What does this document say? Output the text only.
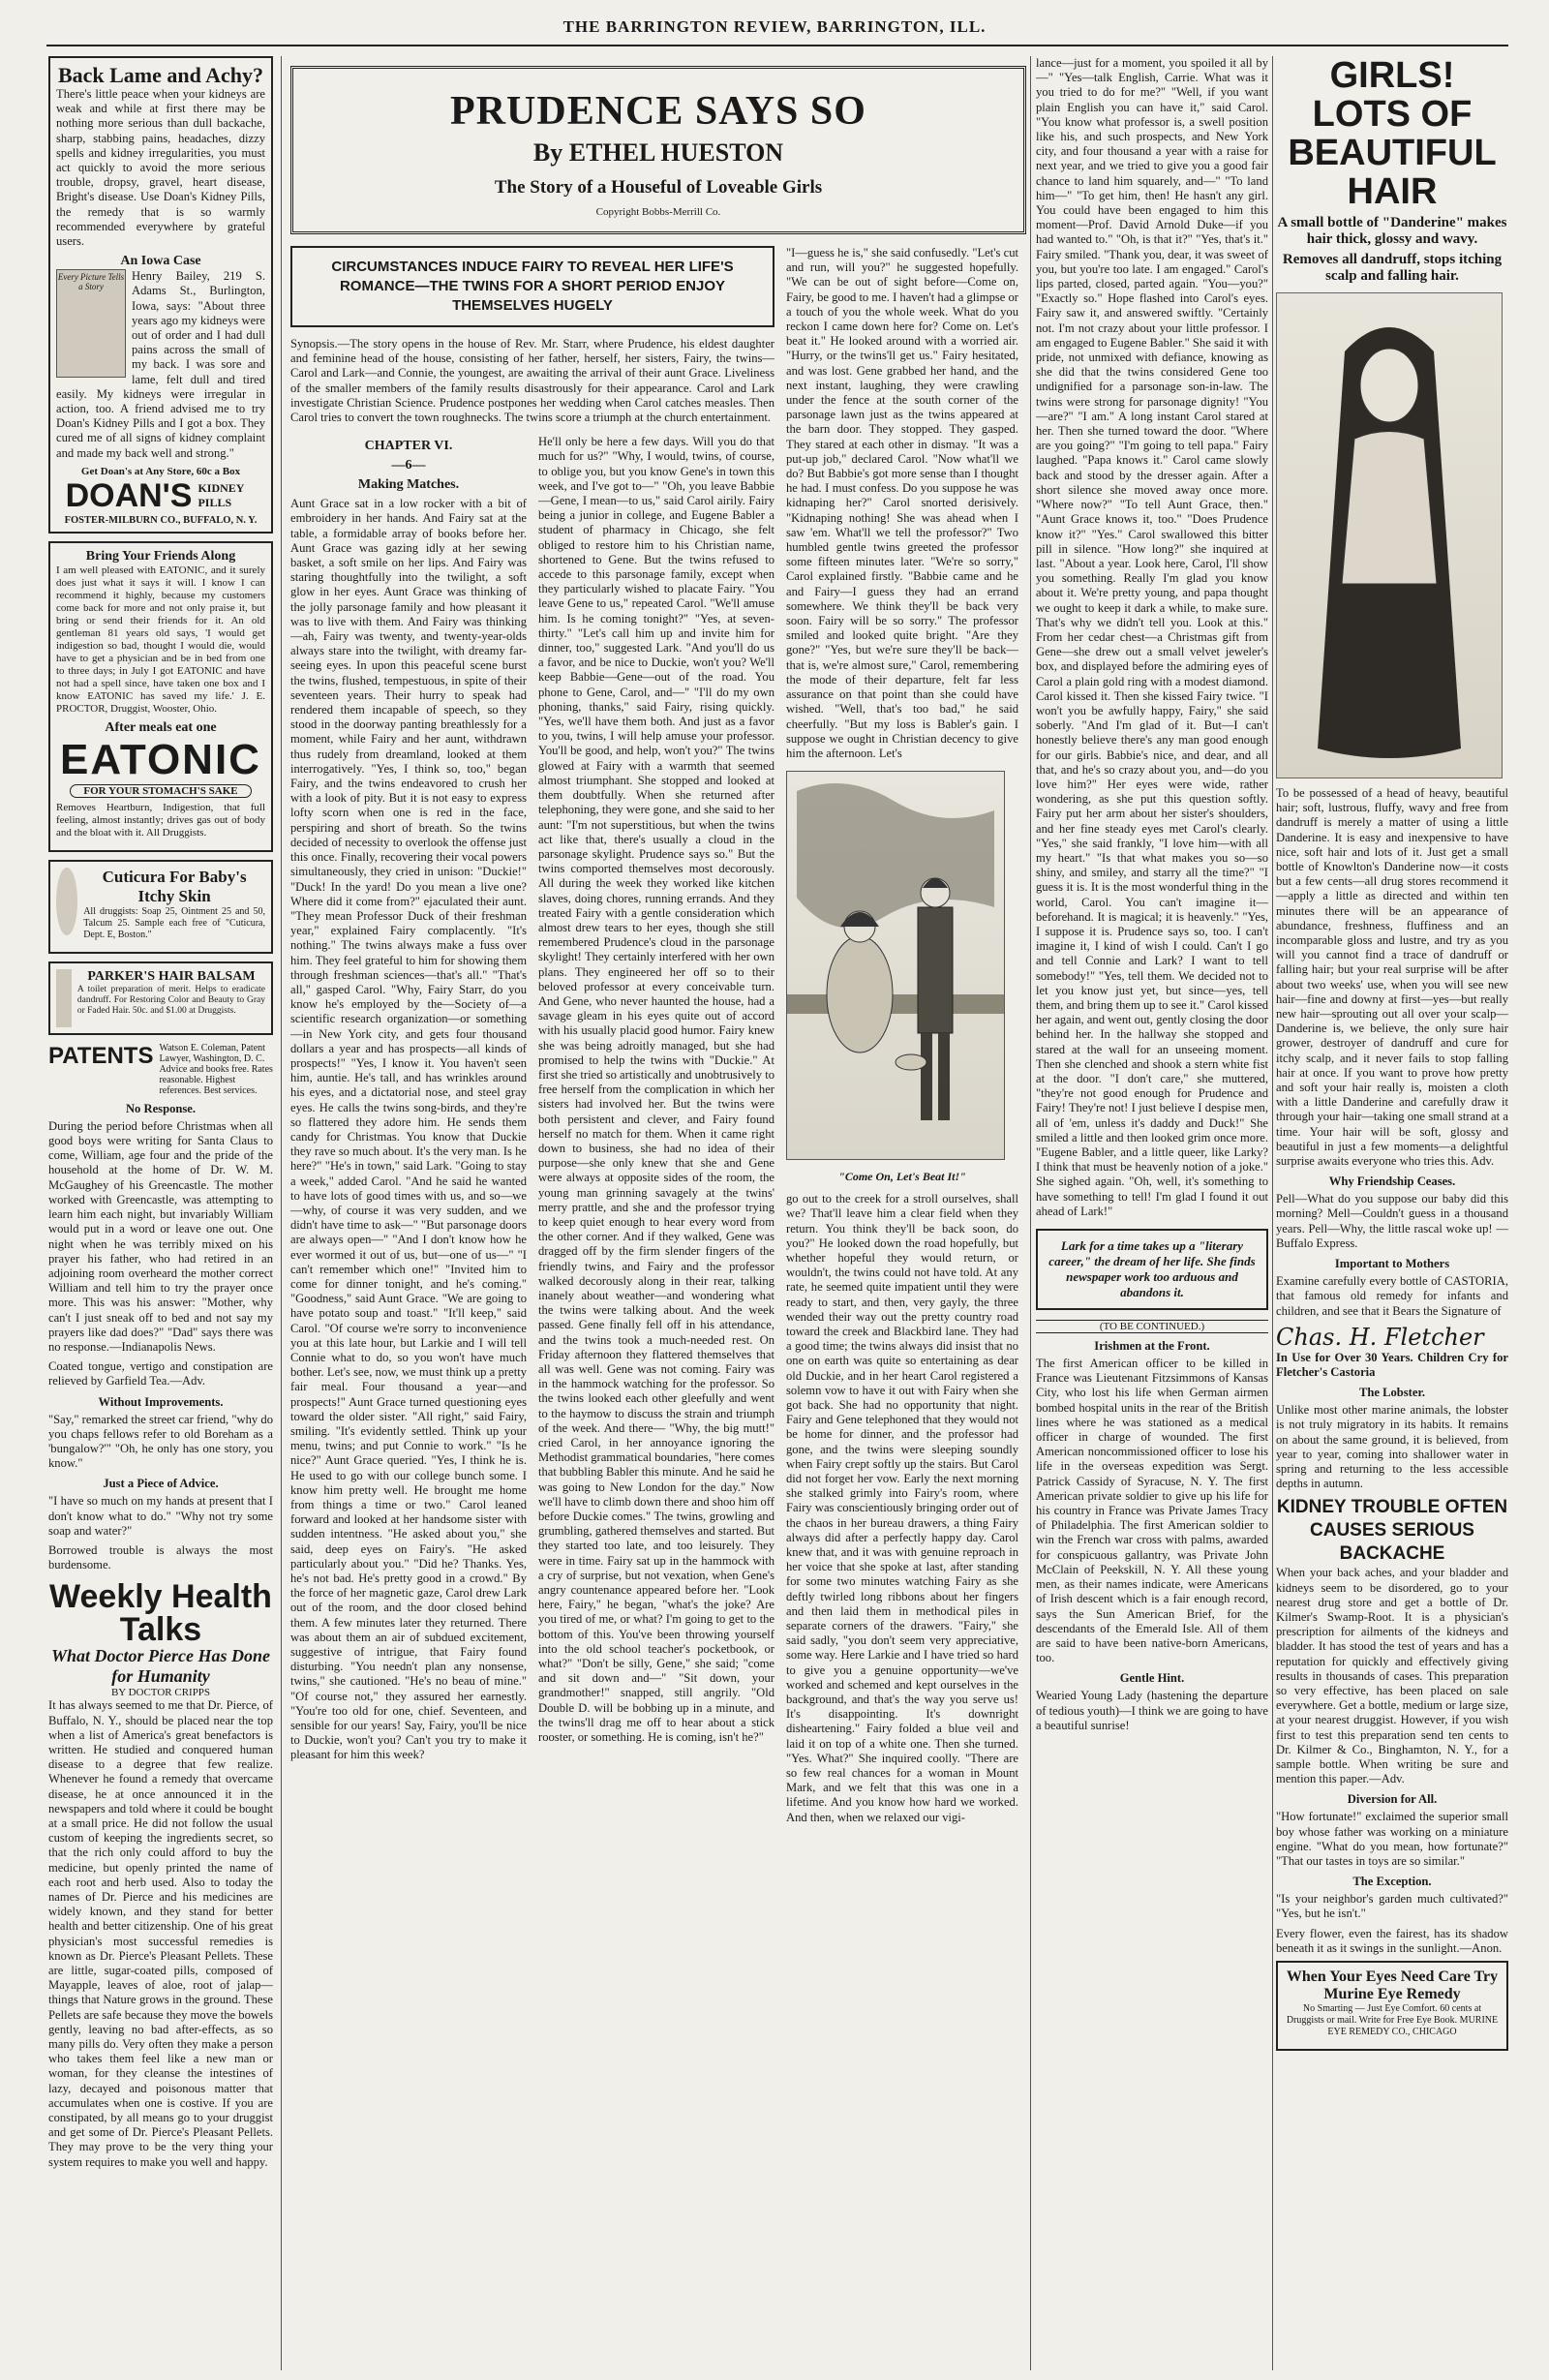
THE BARRINGTON REVIEW, BARRINGTON, ILL.
Back Lame and Achy?

There's little peace when your kidneys are weak and while at first there may be nothing more serious than dull backache, sharp, stabbing pains, headaches, dizzy spells and kidney irregularities, you must act quickly to avoid the more serious trouble, dropsy, gravel, heart disease, Bright's disease. Use Doan's Kidney Pills, the remedy that is so warmly recommended everywhere by grateful users.

An Iowa Case
Every Picture Tells a Story

Henry Bailey, 219 S. Adams St., Burlington, Iowa, says: "About three years ago my kidneys were out of order and I had dull pains across the small of my back. I was sore and lame, felt dull and tired easily. My kidneys were irregular in action, too. A friend advised me to try Doan's Kidney Pills and I got a box. They cured me of all signs of kidney complaint and made my back well and strong."

Get Doan's at Any Store, 60c a Box
DOAN'S KIDNEY PILLS
FOSTER-MILBURN CO., BUFFALO, N. Y.
Bring Your Friends Along

I am well pleased with EATONIC, and it surely does just what it says it will. I know I can recommend it highly, because my customers come back for more and not only praise it, but bring or send their friends for it. An old gentleman 81 years old says, 'I would get indigestion so bad, thought I would die, would have to get a physician and be in bed from one to three days; in July I got EATONIC and have not had a spell since, have taken one box and I know EATONIC has saved my life.' J. E. PROCTOR, Druggist, Wooster, Ohio.

After meals eat one
EATONIC
FOR YOUR STOMACH'S SAKE

Removes Heartburn, Indigestion, that full feeling, almost instantly; drives gas out of body and the bloat with it. All Druggists.

Cuticura For Baby's Itchy Skin

All druggists: Soap 25, Ointment 25 and 50, Talcum 25. Sample each free of "Cuticura, Dept. E, Boston."

PARKER'S HAIR BALSAM

A toilet preparation of merit. Helps to eradicate dandruff. For Restoring Color and Beauty to Gray or Faded Hair. 50c. and $1.00 at Druggists.

PATENTS Watson E. Coleman, Patent Lawyer, Washington, D. C. Advice and books free. Rates reasonable. Highest references. Best services.
No Response.

During the period before Christmas when all good boys were writing for Santa Claus to come, William, age four and the pride of the household at the home of Dr. W. M. McGaughey of his Greencastle. The mother worked with Greencastle, was attempting to learn him each night, but invariably William would put in a word or leave one out. One night when he was terribly mixed on his prayer his father, who had retired in an adjoining room overheard the mother correct William and tell him to try the prayer once more. This was his answer: "Mother, why can't I just sneak off to bed and not say my prayers like dad does?" "Dad" says there was no response.—Indianapolis News.

Coated tongue, vertigo and constipation are relieved by Garfield Tea.—Adv.

Without Improvements.

"Say," remarked the street car friend, "why do you chaps fellows refer to old Boreham as a 'bungalow?'" "Oh, he only has one story, you know."

Just a Piece of Advice.

"I have so much on my hands at present that I don't know what to do." "Why not try some soap and water?"

Borrowed trouble is always the most burdensome.

Weekly Health Talks
What Doctor Pierce Has Done for Humanity
BY DOCTOR CRIPPS

It has always seemed to me that Dr. Pierce, of Buffalo, N. Y., should be placed near the top when a list of America's great benefactors is written. He studied and conquered human disease to a degree that few realize. Whenever he found a remedy that overcame disease, he at once announced it in the newspapers and told where it could be bought at a small price. He did not follow the usual custom of keeping the ingredients secret, so that the rich only could afford to buy the medicine, but openly printed the name of each root and herb used. Also to today the names of Dr. Pierce and his medicines are widely known, and they stand for better health and better citizenship. One of his great physician's most successful remedies is known as Dr. Pierce's Pleasant Pellets. These are little, sugar-coated pills, composed of Mayapple, leaves of aloe, root of jalap—things that Nature grows in the ground. These Pellets are safe because they move the bowels gently, leaving no bad after-effects, as so many pills do. Very often they make a person who takes them feel like a new man or woman, for they cleanse the intestines of lazy, decayed and poisonous matter that accumulates when one is costive. If you are constipated, by all means go to your druggist and get some of Dr. Pierce's Pleasant Pellets. They may prove to be the very thing your system requires to make you well and happy.

PRUDENCE SAYS SO
By ETHEL HUESTON
The Story of a Houseful of Loveable Girls
Copyright Bobbs-Merrill Co.
CIRCUMSTANCES INDUCE FAIRY TO REVEAL HER LIFE'S ROMANCE—THE TWINS FOR A SHORT PERIOD ENJOY THEMSELVES HUGELY
Synopsis.—The story opens in the house of Rev. Mr. Starr, where Prudence, his eldest daughter and feminine head of the house, consisting of her father, herself, her sisters, Fairy, the twins—Carol and Lark—and Connie, the youngest, are awaiting the arrival of their aunt Grace. Liveliness of the smaller members of the family results disastrously for their appearance. Carol and Lark investigate Christian Science. Prudence postpones her wedding when Carol catches measles. Then Carol tries to convert the town roughnecks. The twins score a triumph at the church entertainment.
CHAPTER VI.
—6—
Making Matches.

Aunt Grace sat in a low rocker with a bit of embroidery in her hands. And Fairy sat at the table, a formidable array of books before her. Aunt Grace was gazing idly at her sewing basket, a soft smile on her lips. And Fairy was staring thoughtfully into the twilight, a soft glow in her eyes. Aunt Grace was thinking of the jolly parsonage family and how pleasant it was to live with them. And Fairy was thinking—ah, Fairy was twenty, and twenty-year-olds always stare into the twilight, with dreamy far-seeing eyes. In upon this peaceful scene burst the twins, flushed, tempestuous, in spite of their seventeen years. Their hurry to speak had rendered them incapable of speech, so they stood in the doorway panting breathlessly for a moment, while Fairy and her aunt, withdrawn thus rudely from dreamland, looked at them interrogatively. "Yes, I think so, too," began Fairy, and the twins endeavored to crush her with a look of pity. But it is not easy to express lofty scorn when one is red in the face, perspiring and short of breath. So the twins decided of necessity to overlook the offense just this once. Finally, recovering their vocal powers simultaneously, they cried in unison: "Duckie!" "Duck! In the yard! Do you mean a live one? Where did it come from?" ejaculated their aunt. "They mean Professor Duck of their freshman year," explained Fairy complacently. "It's nothing." The twins always make a fuss over him. They feel grateful to him for showing them through freshman sciences—that's all." "That's all," gasped Carol. "Why, Fairy Starr, do you know he's employed by the—Society of—a scientific research organization—or something—in New York city, and gets four thousand dollars a year and has prospects—all kinds of prospects!" "Yes, I know it. You haven't seen him, auntie. He's tall, and has wrinkles around his eyes, and a dictatorial nose, and steel gray eyes. He calls the twins song-birds, and they're so flattered they adore him. He sends them candy for Christmas. You know that Duckie they rave so much about. It's the very man. Is he here?" "He's in town," said Lark. "Going to stay a week," added Carol. "And he said he wanted to have lots of good times with us, and so—we—why, of course it was very sudden, and we didn't have time to ask—" "But parsonage doors are always open—" "And I don't know how he ever wormed it out of us, but—one of us—" "I can't remember which one!" "Invited him to come for dinner tonight, and he's coming." "Goodness," said Aunt Grace. "We are going to have potato soup and toast." "It'll keep," said Carol. "Of course we're sorry to inconvenience you at this late hour, but Larkie and I will tell Connie what to do, so you won't have much bother. Let's see, now, we must think up a pretty fair meal. Four thousand a year—and prospects!" Aunt Grace turned questioning eyes toward the older sister. "All right," said Fairy, smiling. "It's evidently settled. Think up your menu, twins; and put Connie to work." "Is he nice?" Aunt Grace queried. "Yes, I think he is. He used to go with our college bunch some. I know him pretty well. He brought me home from things a time or two." Carol leaned forward and looked at her handsome sister with sudden intentness. "He asked about you," she said, deep eyes on Fairy's. "He asked particularly about you." "Did he? Thanks. Yes, he's not bad. He's pretty good in a crowd." By the force of her magnetic gaze, Carol drew Lark out of the room, and the door closed behind them. A few minutes later they returned. There was about them an air of subdued excitement, suggestive of intrigue, that Fairy found disturbing. "You needn't plan any nonsense, twins," she cautioned. "He's no beau of mine." "Of course not," they assured her earnestly. "You're too old for one, chief. Seventeen, and sensible for our years! Say, Fairy, you'll be nice to Duckie, won't you? Can't you try to make it pleasant for him this week?

He'll only be here a few days. Will you do that much for us?" "Why, I would, twins, of course, to oblige you, but you know Gene's in town this week, and I've got to—" "Oh, you leave Babbie—Gene, I mean—to us," said Carol airily. Fairy being a junior in college, and Eugene Babler a student of pharmacy in Chicago, she felt obliged to restore him to his Christian name, shortened to Gene. But the twins refused to accede to this parsonage family, except when they particularly wished to placate Fairy. "You leave Gene to us," repeated Carol. "We'll amuse him. Is he coming tonight?" "Yes, at seven-thirty." "Let's call him up and invite him for dinner, too," suggested Lark. "And you'll do us a favor, and be nice to Duckie, won't you? We'll keep Babbie—Gene—out of the road. You phone to Gene, Carol, and—" "I'll do my own phoning, thanks," said Fairy, rising quickly. "Yes, we'll have them both. And just as a favor to you, twins, I will help amuse your professor. You'll be good, and help, won't you?" The twins glowed at Fairy with a warmth that seemed almost triumphant. She stopped and looked at them doubtfully. When she returned after telephoning, they were gone, and she said to her aunt: "I'm not superstitious, but when the twins act like that, there's usually a cloud in the parsonage skylight. Prudence says so." But the twins comported themselves most decorously. All during the week they worked like kitchen slaves, doing chores, running errands. And they treated Fairy with a gentle consideration which almost drew tears to her eyes, though she still remembered Prudence's cloud in the parsonage skylight! They certainly interfered with her own plans. They engineered her off so to their beloved professor at every conceivable turn. And Gene, who never haunted the house, had a savage gleam in his eyes quite out of accord with his usually placid good humor. Fairy knew she was being adroitly managed, but she had promised to help the twins with "Duckie." At first she tried so artistically and unobtrusively to free herself from the complication in which her sisters had involved her. But the twins were both persistent and clever, and Fairy found herself no match for them. When it came right down to business, she had no idea of their purpose—she only knew that she and Gene were always at opposite sides of the room, the young man grinning savagely at the twins' merry prattle, and she and the professor trying to keep quiet enough to hear every word from the other corner. And if they walked, Gene was dragged off by the firm slender fingers of the friendly twins, and Fairy and the professor walked decorously along in their rear, talking inanely about weather—and wondering what the twins were talking about. And the week passed. Gene finally fell off in his attendance, and the twins took a much-needed rest. On Friday afternoon they flattered themselves that all was well. Gene was not coming. Fairy was in the hammock watching for the professor. So the twins looked each other gleefully and went to the haymow to discuss the strain and triumph of the week. And there— "Why, the big mutt!" cried Carol, in her annoyance ignoring the Methodist grammatical boundaries, "here comes that bubbling Babler this minute. And he said he was going to New London for the day." Now we'll have to climb down there and shoo him off before Duckie comes." The twins, growling and grumbling, gathered themselves and started. But they started too late, and too leisurely. They were in time. Fairy sat up in the hammock with a cry of surprise, but not vexation, when Gene's angry countenance appeared before her. "Look here, Fairy," he began, "what's the joke? Are you tired of me, or what? I'm going to get to the bottom of this. You've been throwing yourself into the old school teacher's pocketbook, or what?" "Don't be silly, Gene," she said; "come and sit down and—" "Sit down, your grandmother!" snapped, still angrily. "Old Double D. will be bobbing up in a minute, and the twins'll drag me off to hear about a stick rooster, or something. He is coming, isn't he?"

"I—guess he is," she said confusedly. "Let's cut and run, will you?" he suggested hopefully. "We can be out of sight before—Come on, Fairy, be good to me. I haven't had a glimpse or a touch of you the whole week. What do you reckon I came down here for? Come on. Let's beat it." He looked around with a worried air. "Hurry, or the twins'll get us." Fairy hesitated, and was lost. Gene grabbed her hand, and the next instant, laughing, they were crawling under the fence at the south corner of the parsonage lawn just as the twins appeared at the barn door. They stopped. They gasped. They stared at each other in dismay. "It was a put-up job," declared Carol. "Now what'll we do? But Babbie's got more sense than I thought he had. I must confess. Do you suppose he was kidnaping her?" Carol snorted derisively. "Kidnaping nothing! She was ahead when I saw 'em. What'll we tell the professor?" Two humbled gentle twins greeted the professor some fifteen minutes later. "We're so sorry," Carol explained firstly. "Babbie came and he and Fairy—I guess they had an errand somewhere. We think they'll be back very soon. Fairy will be so sorry." The professor smiled and looked quite bright. "Are they gone?" "Yes, but we're sure they'll be back—that is, we're almost sure," Carol, remembering the mode of their departure, felt far less assurance on that point than she could have wished. "Well, that's too bad," he said cheerfully. "But my loss is Babler's gain. I suppose we ought in Christian decency to give him the afternoon. Let's

"Come On, Let's Beat It!"

go out to the creek for a stroll ourselves, shall we? That'll leave him a clear field when they return. You think they'll be back soon, do you?" He looked down the road hopefully, but whether hopeful they would return, or wouldn't, the twins could not have told. At any rate, he seemed quite impatient until they were ready to start, and then, very gayly, the three wended their way out the pretty country road toward the creek and Blackbird lane. They had a good time; the twins always did insist that no one on earth was quite so entertaining as dear old Duckie, and in her heart Carol registered a solemn vow to have it out with Fairy when she got back. She had no opportunity that night. Fairy and Gene telephoned that they would not be home for dinner, and the professor had gone, and the twins were sleeping soundly when Fairy crept softly up the stairs. But Carol did not forget her vow. Early the next morning she stalked grimly into Fairy's room, where Fairy was conscientiously bringing order out of the chaos in her bureau drawers, a thing Fairy always did after a perfectly happy day. Carol knew that, and it was with genuine reproach in her voice that she spoke at last, after standing for some two minutes watching Fairy as she deftly twirled long ribbons about her fingers and then laid them in methodical piles in separate corners of the drawers. "Fairy," she said sadly, "you don't seem very appreciative, some way. Here Larkie and I have tried so hard to give you a genuine opportunity—we've worked and schemed and kept ourselves in the background, and that's the way you serve us! It's disappointing. It's downright disheartening." Fairy folded a blue veil and laid it on top of a white one. Then she turned. "Yes. What?" She inquired coolly. "There are so few real chances for a woman in Mount Mark, and we felt that this was one in a lifetime. And you know how hard we worked. And then, when we relaxed our vigi-

lance—just for a moment, you spoiled it all by—" "Yes—talk English, Carrie. What was it you tried to do for me?" "Well, if you want plain English you can have it," said Carol. "You know what professor is, a swell position like his, and such prospects, and New York city, and four thousand a year with a raise for next year, and we tried to give you a good fair chance to land him squarely, and—" "To land him—" "To get him, then! He hasn't any girl. You could have been engaged to him this moment—Prof. David Arnold Duke—if you had wanted to." "Oh, is that it?" "Yes, that's it." Fairy smiled. "Thank you, dear, it was sweet of you, but you're too late. I am engaged." Carol's lips parted, closed, parted again. "You—you?" "Exactly so." Hope flashed into Carol's eyes. Fairy saw it, and answered swiftly. "Certainly not. I'm not crazy about your little professor. I am engaged to Eugene Babler." She said it with pride, not unmixed with defiance, knowing as she did that the twins considered Gene too undignified for a parsonage son-in-law. The twins were strong for parsonage dignity! "You—are?" "I am." A long instant Carol stared at her. Then she turned toward the door. "Where are you going?" "I'm going to tell papa." Fairy laughed. "Papa knows it." Carol came slowly back and stood by the dresser again. After a short silence she moved away once more. "Where now?" "To tell Aunt Grace, then." "Aunt Grace knows it, too." "Does Prudence know it?" "Yes." Carol swallowed this bitter pill in silence. "How long?" she inquired at last. "About a year. Look here, Carol, I'll show you something. Really I'm glad you know about it. We're pretty young, and papa thought we ought to keep it dark a while, to make sure. That's why we didn't tell you. Look at this." From her cedar chest—a Christmas gift from Gene—she drew out a small velvet jeweler's box, and displayed before the admiring eyes of Carol a plain gold ring with a modest diamond. Carol kissed it. Then she kissed Fairy twice. "I won't you be awfully happy, Fairy," she said soberly. "And I'm glad of it. But—I can't honestly believe there's any man good enough for our girls. Babbie's nice, and dear, and all that, and he's so crazy about you, and—do you love him?" Her eyes were wide, rather wondering, as she put this question softly. Fairy put her arm about her sister's shoulders, and her fine steady eyes met Carol's clearly. "Yes," she said frankly, "I love him—with all my heart." "Is that what makes you so—so shiny, and smiley, and starry all the time?" "I guess it is. It is the most wonderful thing in the world, Carol. You can't imagine it—beforehand. It is magical; it is heavenly." "Yes, I suppose it is. Prudence says so, too. I can't imagine it, I kind of wish I could. Can't I go and tell Connie and Lark? I want to tell somebody!" "Yes, tell them. We decided not to let you know just yet, but since—yes, tell them, and bring them up to see it." Carol kissed her again, and went out, gently closing the door behind her. In the hallway she stopped and stared at the wall for an unseeing moment. Then she clenched and shook a stern white fist at the door. "I don't care," she muttered, "they're not good enough for Prudence and Fairy! They're not! I just believe I despise men, all of 'em, unless it's daddy and Duck!" She smiled a little and then looked grim once more. "Eugene Babler, and a little queer, like Larky? I think that must be heavenly notion of a joke." She sighed again. "Oh, well, it's something to have something to tell! I'm glad I found it out ahead of Lark!"

Lark for a time takes up a "literary career," the dream of her life. She finds newspaper work too arduous and abandons it.
(TO BE CONTINUED.)
Irishmen at the Front.

The first American officer to be killed in France was Lieutenant Fitzsimmons of Kansas City, who lost his life when German airmen bombed hospital units in the rear of the British lines where he was stationed as a medical officer in charge of wounded. The first American noncommissioned officer to lose his life in the overseas expedition was Sergt. Patrick Cassidy of Syracuse, N. Y. The first American private soldier to give up his life for his country in France was Private James Tracy of Philadelphia. The first American soldier to win the French war cross with palms, awarded for conspicuous gallantry, was Private John McClain of Peekskill, N. Y. All these young men, as their names indicate, were Americans of Irish descent which is a fair enough record, says the Sun American Brief, for the descendants of the Emerald Isle. All of them are said to have been native-born Americans, too.

Gentle Hint.

Wearied Young Lady (hastening the departure of tedious youth)—I think we are going to have a beautiful sunrise!

GIRLS! LOTS OF BEAUTIFUL HAIR
A small bottle of "Danderine" makes hair thick, glossy and wavy.
Removes all dandruff, stops itching scalp and falling hair.

To be possessed of a head of heavy, beautiful hair; soft, lustrous, fluffy, wavy and free from dandruff is merely a matter of using a little Danderine. It is easy and inexpensive to have nice, soft hair and lots of it. Just get a small bottle of Knowlton's Danderine now—it costs but a few cents—all drug stores recommend it—apply a little as directed and within ten minutes there will be an appearance of abundance, freshness, fluffiness and an incomparable gloss and lustre, and try as you will you cannot find a trace of dandruff or falling hair; but your real surprise will be after about two weeks' use, when you will see new hair—fine and downy at first—yes—but really new hair—sprouting out all over your scalp—Danderine is, we believe, the only sure hair grower, destroyer of dandruff and cure for itchy scalp, and it never fails to stop falling hair at once. If you want to prove how pretty and soft your hair really is, moisten a cloth with a little Danderine and carefully draw it through your hair—taking one small strand at a time. Your hair will be soft, glossy and beautiful in just a few moments—a delightful surprise awaits everyone who tries this. Adv.

Why Friendship Ceases.

Pell—What do you suppose our baby did this morning? Mell—Couldn't guess in a thousand years. Pell—Why, the little rascal woke up! —Buffalo Express.

Important to Mothers

Examine carefully every bottle of CASTORIA, that famous old remedy for infants and children, and see that it Bears the Signature of

Chas. H. Fletcher

In Use for Over 30 Years. Children Cry for Fletcher's Castoria

The Lobster.

Unlike most other marine animals, the lobster is not truly migratory in its habits. It remains on about the same ground, it is believed, from year to year, coming into shallower water in spring and returning to the less accessible depths in autumn.

KIDNEY TROUBLE OFTEN CAUSES SERIOUS BACKACHE

When your back aches, and your bladder and kidneys seem to be disordered, go to your nearest drug store and get a bottle of Dr. Kilmer's Swamp-Root. It is a physician's prescription for ailments of the kidneys and bladder. It has stood the test of years and has a reputation for quickly and effectively giving results in thousands of cases. This preparation so very effective, has been placed on sale everywhere. Get a bottle, medium or large size, at your nearest druggist. However, if you wish first to test this preparation send ten cents to Dr. Kilmer & Co., Binghamton, N. Y., for a sample bottle. When writing be sure and mention this paper.—Adv.

Diversion for All.

"How fortunate!" exclaimed the superior small boy whose father was working on a miniature engine. "What do you mean, how fortunate?" "That our tastes in toys are so similar."

The Exception.

"Is your neighbor's garden much cultivated?" "Yes, but he isn't."

Every flower, even the fairest, has its shadow beneath it as it swings in the sunlight.—Anon.

When Your Eyes Need Care Try Murine Eye Remedy

No Smarting — Just Eye Comfort. 60 cents at Druggists or mail. Write for Free Eye Book. MURINE EYE REMEDY CO., CHICAGO
